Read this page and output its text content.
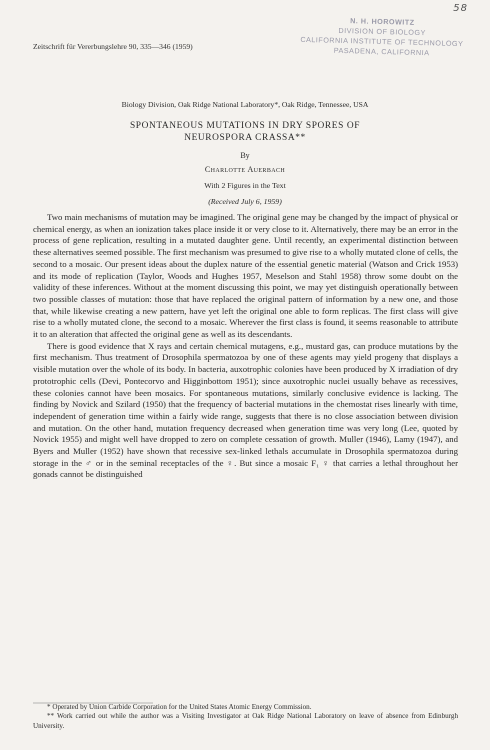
58
N. H. HOROWITZ
DIVISION OF BIOLOGY
CALIFORNIA INSTITUTE OF TECHNOLOGY
PASADENA, CALIFORNIA
Zeitschrift für Vererbungslehre 90, 335—346 (1959)
Biology Division, Oak Ridge National Laboratory*, Oak Ridge, Tennessee, USA
SPONTANEOUS MUTATIONS IN DRY SPORES OF
NEUROSPORA CRASSA**
By
Charlotte Auerbach
With 2 Figures in the Text
(Received July 6, 1959)

Two main mechanisms of mutation may be imagined. The original gene may be changed by the impact of physical or chemical energy, as when an ionization takes place inside it or very close to it. Alternatively, there may be an error in the process of gene replication, resulting in a mutated daughter gene. Until recently, an experimental distinction between these alternatives seemed possible. The first mechanism was presumed to give rise to a wholly mutated clone of cells, the second to a mosaic. Our present ideas about the duplex nature of the essential genetic material (Watson and Crick 1953) and its mode of replication (Taylor, Woods and Hughes 1957, Meselson and Stahl 1958) throw some doubt on the validity of these inferences. Without at the moment discussing this point, we may yet distinguish operationally between two possible classes of mutation: those that have replaced the original pattern of information by a new one, and those that, while likewise creating a new pattern, have yet left the original one able to form replicas. The first class will give rise to a wholly mutated clone, the second to a mosaic. Wherever the first class is found, it seems reasonable to attribute it to an alteration that affected the original gene as well as its descendants.

There is good evidence that X rays and certain chemical mutagens, e.g., mustard gas, can produce mutations by the first mechanism. Thus treatment of Drosophila spermatozoa by one of these agents may yield progeny that displays a visible mutation over the whole of its body. In bacteria, auxotrophic colonies have been produced by X irradiation of dry prototrophic cells (Devi, Pontecorvo and Higginbottom 1951); since auxotrophic nuclei usually behave as recessives, these colonies cannot have been mosaics. For spontaneous mutations, similarly conclusive evidence is lacking. The finding by Novick and Szilard (1950) that the frequency of bacterial mutations in the chemostat rises linearly with time, independent of generation time within a fairly wide range, suggests that there is no close association between division and mutation. On the other hand, mutation frequency decreased when generation time was very long (Lee, quoted by Novick 1955) and might well have dropped to zero on complete cessation of growth. Muller (1946), Lamy (1947), and Byers and Muller (1952) have shown that recessive sex-linked lethals accumulate in Drosophila spermatozoa during storage in the ♂ or in the seminal receptacles of the ♀. But since a mosaic F₁ ♀ that carries a lethal throughout her gonads cannot be distinguished

* Operated by Union Carbide Corporation for the United States Atomic Energy Commission.

** Work carried out while the author was a Visiting Investigator at Oak Ridge National Laboratory on leave of absence from Edinburgh University.
